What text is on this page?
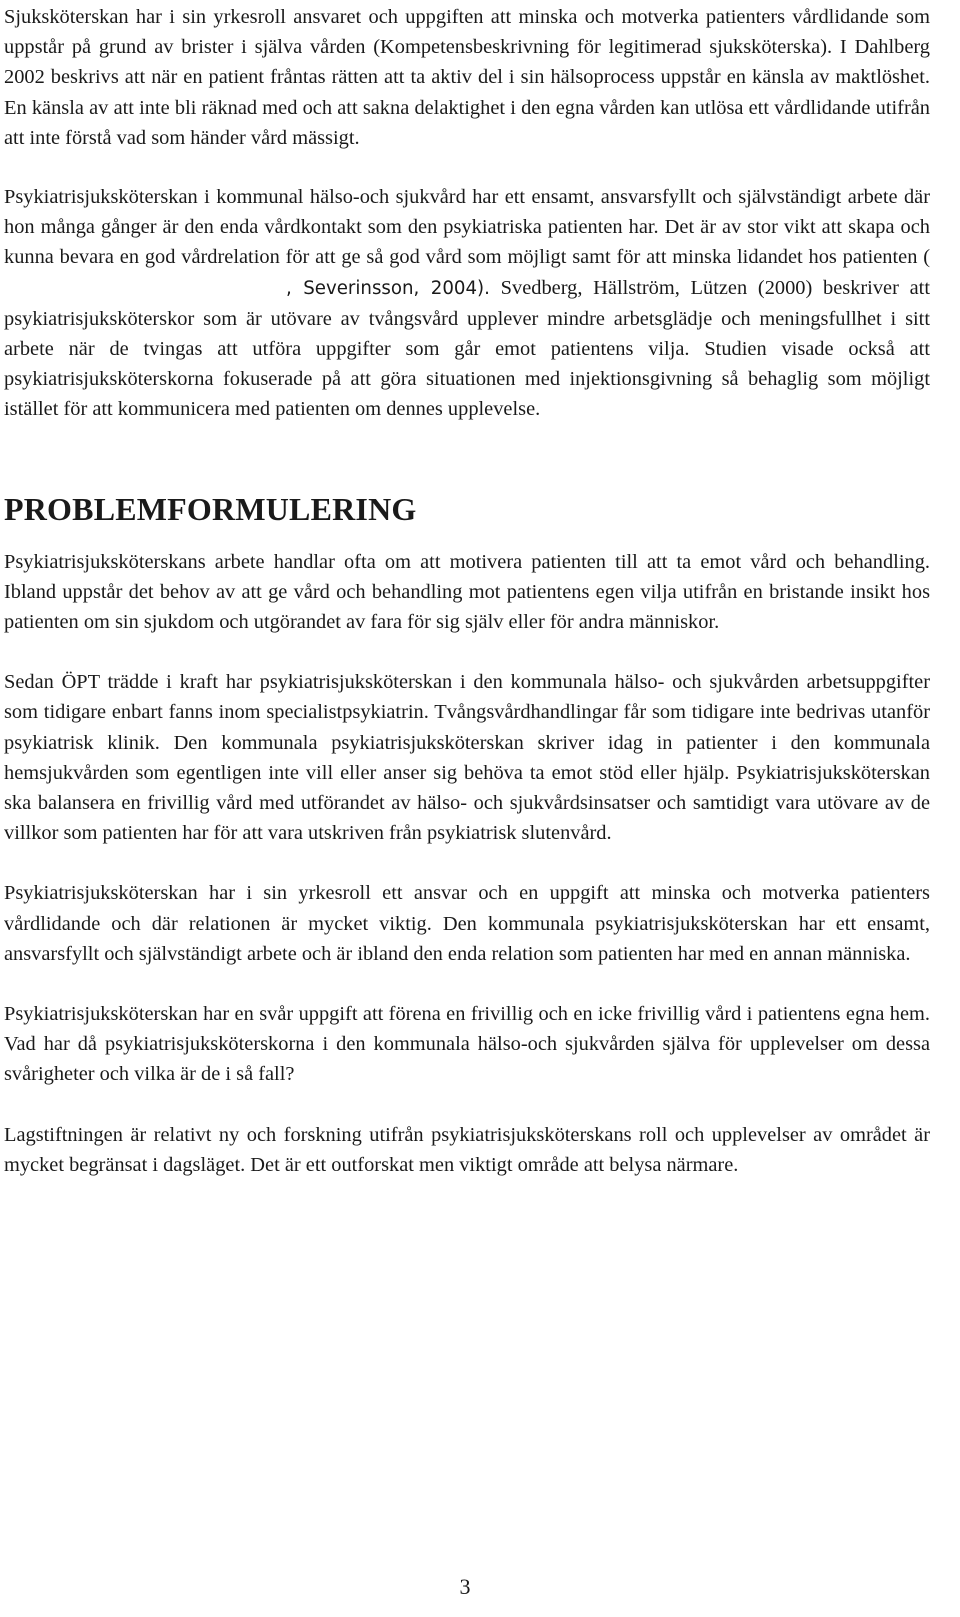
Sjuksköterskan har i sin yrkesroll ansvaret och uppgiften att minska och motverka patienters vårdlidande som uppstår på grund av brister i själva vården (Kompetensbeskrivning för legitimerad sjuksköterska). I Dahlberg 2002 beskrivs att när en patient fråntas rätten att ta aktiv del i sin hälsoprocess uppstår en känsla av maktlöshet. En känsla av att inte bli räknad med och att sakna delaktighet i den egna vården kan utlösa ett vårdlidande utifrån att inte förstå vad som händer vård mässigt.

Psykiatrisjuksköterskan i kommunal hälso-och sjukvård har ett ensamt, ansvarsfyllt och självständigt arbete där hon många gånger är den enda vårdkontakt som den psykiatriska patienten har. Det är av stor vikt att skapa och kunna bevara en god vårdrelation för att ge så god vård som möjligt samt för att minska lidandet hos patienten (, Severinsson, 2004). Svedberg, Hällström, Lützen (2000) beskriver att psykiatrisjuksköterskor som är utövare av tvångsvård upplever mindre arbetsglädje och meningsfullhet i sitt arbete när de tvingas att utföra uppgifter som går emot patientens vilja. Studien visade också att psykiatrisjuksköterskorna fokuserade på att göra situationen med injektionsgivning så behaglig som möjligt istället för att kommunicera med patienten om dennes upplevelse.

PROBLEMFORMULERING

Psykiatrisjuksköterskans arbete handlar ofta om att motivera patienten till att ta emot vård och behandling. Ibland uppstår det behov av att ge vård och behandling mot patientens egen vilja utifrån en bristande insikt hos patienten om sin sjukdom och utgörandet av fara för sig själv eller för andra människor.

Sedan ÖPT trädde i kraft har psykiatrisjuksköterskan i den kommunala hälso- och sjukvården arbetsuppgifter som tidigare enbart fanns inom specialistpsykiatrin. Tvångsvårdhandlingar får som tidigare inte bedrivas utanför psykiatrisk klinik. Den kommunala psykiatrisjuksköterskan skriver idag in patienter i den kommunala hemsjukvården som egentligen inte vill eller anser sig behöva ta emot stöd eller hjälp. Psykiatrisjuksköterskan ska balansera en frivillig vård med utförandet av hälso- och sjukvårdsinsatser och samtidigt vara utövare av de villkor som patienten har för att vara utskriven från psykiatrisk slutenvård.

Psykiatrisjuksköterskan har i sin yrkesroll ett ansvar och en uppgift att minska och motverka patienters vårdlidande och där relationen är mycket viktig. Den kommunala psykiatrisjuksköterskan har ett ensamt, ansvarsfyllt och självständigt arbete och är ibland den enda relation som patienten har med en annan människa.

Psykiatrisjuksköterskan har en svår uppgift att förena en frivillig och en icke frivillig vård i patientens egna hem. Vad har då psykiatrisjuksköterskorna i den kommunala hälso-och sjukvården själva för upplevelser om dessa svårigheter och vilka är de i så fall?

Lagstiftningen är relativt ny och forskning utifrån psykiatrisjuksköterskans roll och upplevelser av området är mycket begränsat i dagsläget. Det är ett outforskat men viktigt område att belysa närmare.

3
